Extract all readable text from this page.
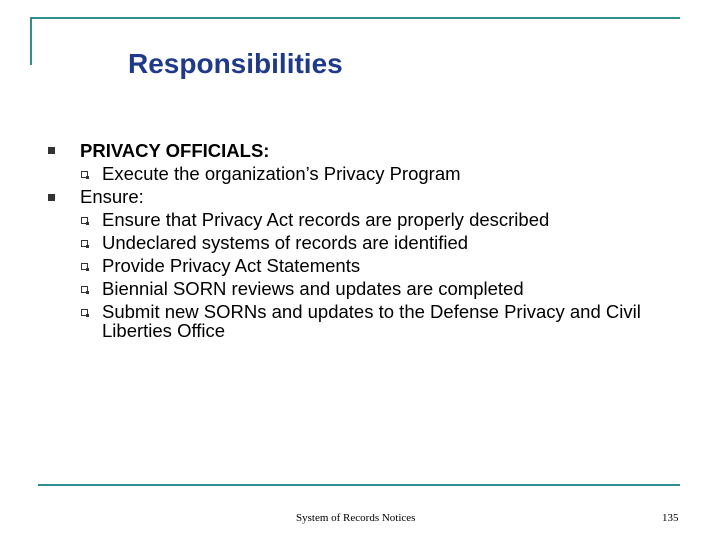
Responsibilities
PRIVACY OFFICIALS:
Execute the organization’s Privacy Program
Ensure:
Ensure that Privacy Act records are properly described
Undeclared systems of records are identified
Provide Privacy Act Statements
Biennial SORN reviews and updates are completed
Submit new SORNs and updates to the Defense Privacy and Civil
Liberties Office
System of Records Notices	135
